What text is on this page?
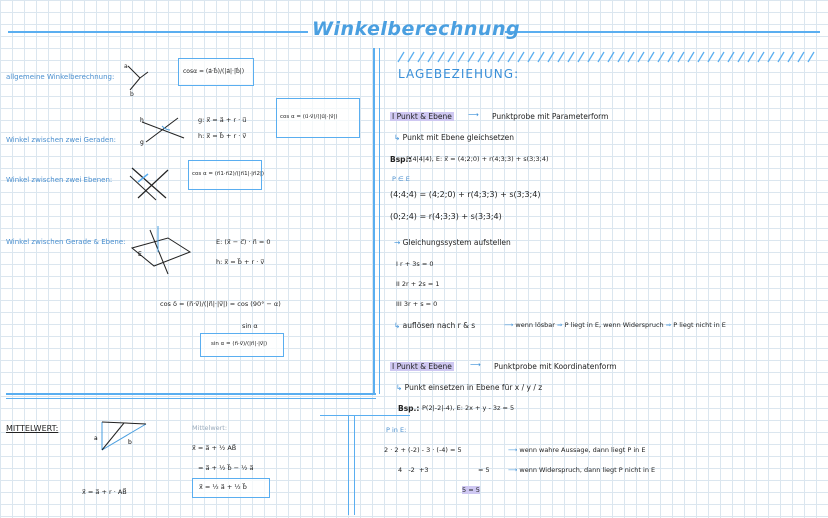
Winkelberechnung
allgemeine Winkelberechnung:
a
b
cosα = (a⃗·b⃗)/(|a⃗|·|b⃗|)
Winkel zwischen zwei Geraden:
h
g
g: x⃗ = a⃗ + r · u⃗
h: x⃗ = b⃗ + r · v⃗
cos α = (u⃗·v⃗)/(|u⃗|·|v⃗|)
Winkel zwischen zwei Ebenen:
cos α = (n⃗1·n⃗2)/(|n⃗1|·|n⃗2|)
Winkel zwischen Gerade & Ebene:
E
E: (x⃗ − c⃗) · n⃗ = 0
h: x⃗ = b⃗ + r · v⃗
cos δ = (n⃗·v⃗)/(|n⃗|·|v⃗|) = cos (90° − α)
sin α
sin α = (n⃗·v⃗)/(|n⃗|·|v⃗|)
MITTELWERT:
a
b
x⃗ = a⃗ + r · AB⃗
Mittelwert:
x⃗ = a⃗ + ½ AB⃗
= a⃗ + ½ b⃗ − ½ a⃗
x⃗ = ½ a⃗ + ½ b⃗
LAGEBEZIEHUNG:
I Punkt & Ebene ⟶ Punktprobe mit Parameterform
↳ Punkt mit Ebene gleichsetzen
Bsp.:
P(4|4|4), E: x⃗ = (4;2;0) + r(4;3;3) + s(3;3;4)
P ∈ E
(4;4;4) = (4;2;0) + r(4;3;3) + s(3;3;4)
(0;2;4) = r(4;3;3) + s(3;3;4)
→ Gleichungssystem aufstellen
I r + 3s = 0
II 2r + 2s = 1
III 3r + s = 0
↳ auflösen nach r & s	⟶ wenn lösbar ⇒ P liegt in E, wenn Widerspruch ⇒ P liegt nicht in E
I Punkt & Ebene ⟶ Punktprobe mit Koordinatenform
↳ Punkt einsetzen in Ebene für x / y / z
Bsp.: P(2|-2|-4), E: 2x + y - 3z = 5
P in E:
2 · 2 + (-2) - 3 · (-4) = 5
4   -2  +3	= 5
5 = 5
⟶ wenn wahre Aussage, dann liegt P in E
⟶ wenn Widerspruch, dann liegt P nicht in E
